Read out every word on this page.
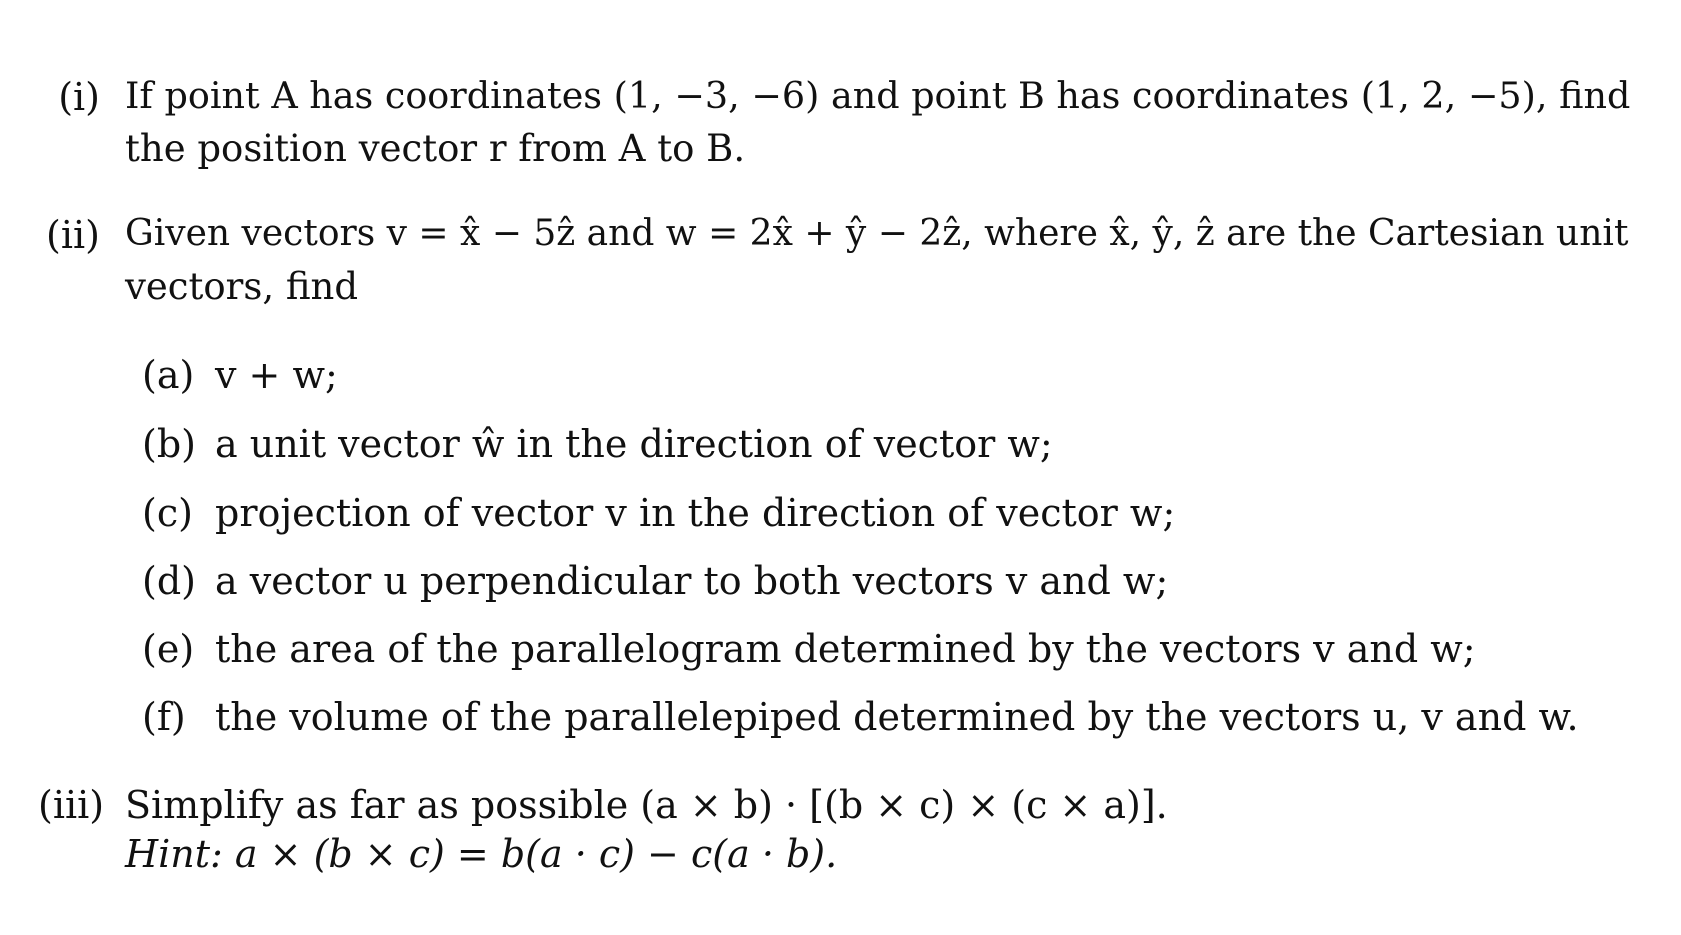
(i) If point A has coordinates (1, −3, −6) and point B has coordinates (1, 2, −5), find
the position vector r from A to B.
(ii) Given vectors v = x̂ − 5ẑ and w = 2x̂ + ŷ − 2ẑ, where x̂, ŷ, ẑ are the Cartesian unit
vectors, find
(a) v + w;
(b) a unit vector ŵ in the direction of vector w;
(c) projection of vector v in the direction of vector w;
(d) a vector u perpendicular to both vectors v and w;
(e) the area of the parallelogram determined by the vectors v and w;
(f) the volume of the parallelepiped determined by the vectors u, v and w.
(iii) Simplify as far as possible (a × b) · [(b × c) × (c × a)].
Hint: a × (b × c) = b(a · c) − c(a · b).
